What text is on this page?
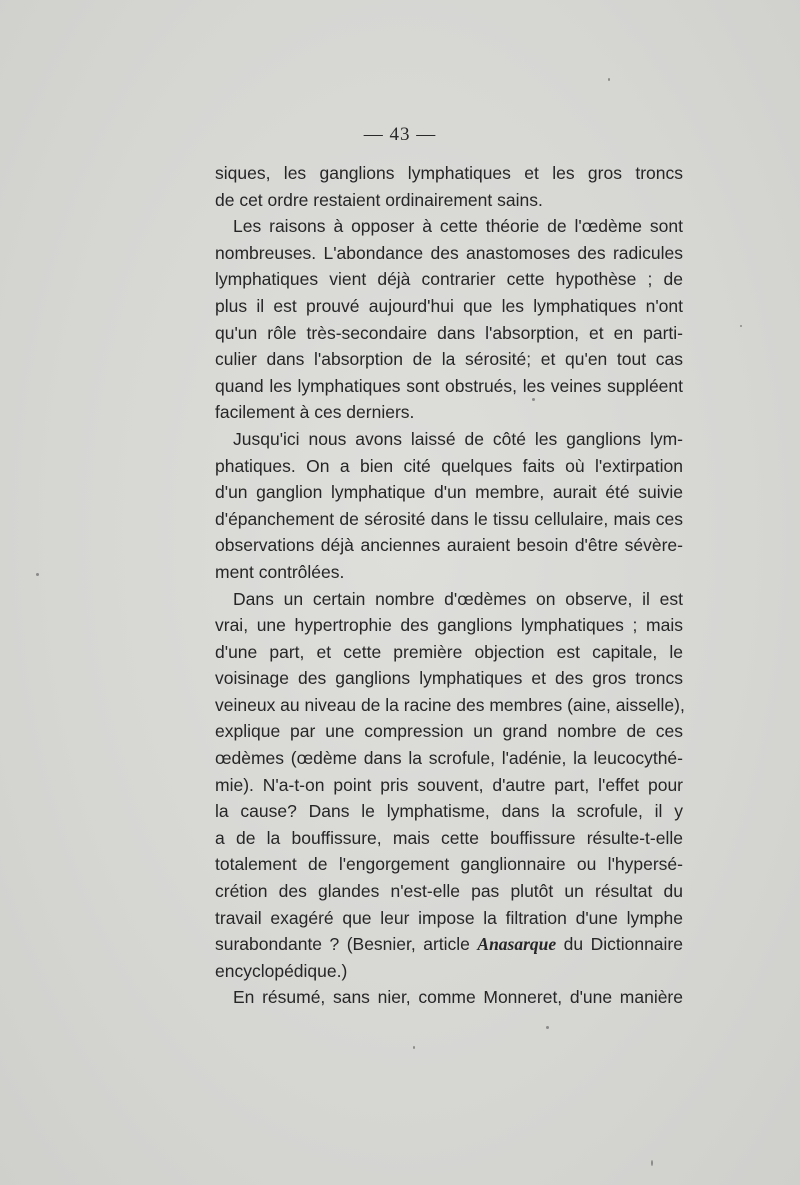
— 43 —
siques, les ganglions lymphatiques et les gros troncs
de cet ordre restaient ordinairement sains.
Les raisons à opposer à cette théorie de l'œdème sont
nombreuses. L'abondance des anastomoses des radicules
lymphatiques vient déjà contrarier cette hypothèse ; de
plus il est prouvé aujourd'hui que les lymphatiques n'ont
qu'un rôle très-secondaire dans l'absorption, et en parti-
culier dans l'absorption de la sérosité; et qu'en tout cas
quand les lymphatiques sont obstrués, les veines suppléent
facilement à ces derniers.
Jusqu'ici nous avons laissé de côté les ganglions lym-
phatiques. On a bien cité quelques faits où l'extirpation
d'un ganglion lymphatique d'un membre, aurait été suivie
d'épanchement de sérosité dans le tissu cellulaire, mais ces
observations déjà anciennes auraient besoin d'être sévère-
ment contrôlées.
Dans un certain nombre d'œdèmes on observe, il est
vrai, une hypertrophie des ganglions lymphatiques ; mais
d'une part, et cette première objection est capitale, le
voisinage des ganglions lymphatiques et des gros troncs
veineux au niveau de la racine des membres (aine, aisselle),
explique par une compression un grand nombre de ces
œdèmes (œdème dans la scrofule, l'adénie, la leucocythé-
mie). N'a-t-on point pris souvent, d'autre part, l'effet pour
la cause? Dans le lymphatisme, dans la scrofule, il y
a de la bouffissure, mais cette bouffissure résulte-t-elle
totalement de l'engorgement ganglionnaire ou l'hypersé-
crétion des glandes n'est-elle pas plutôt un résultat du
travail exagéré que leur impose la filtration d'une lymphe
surabondante ? (Besnier, article Anasarque du Dictionnaire
encyclopédique.)
En résumé, sans nier, comme Monneret, d'une manière
